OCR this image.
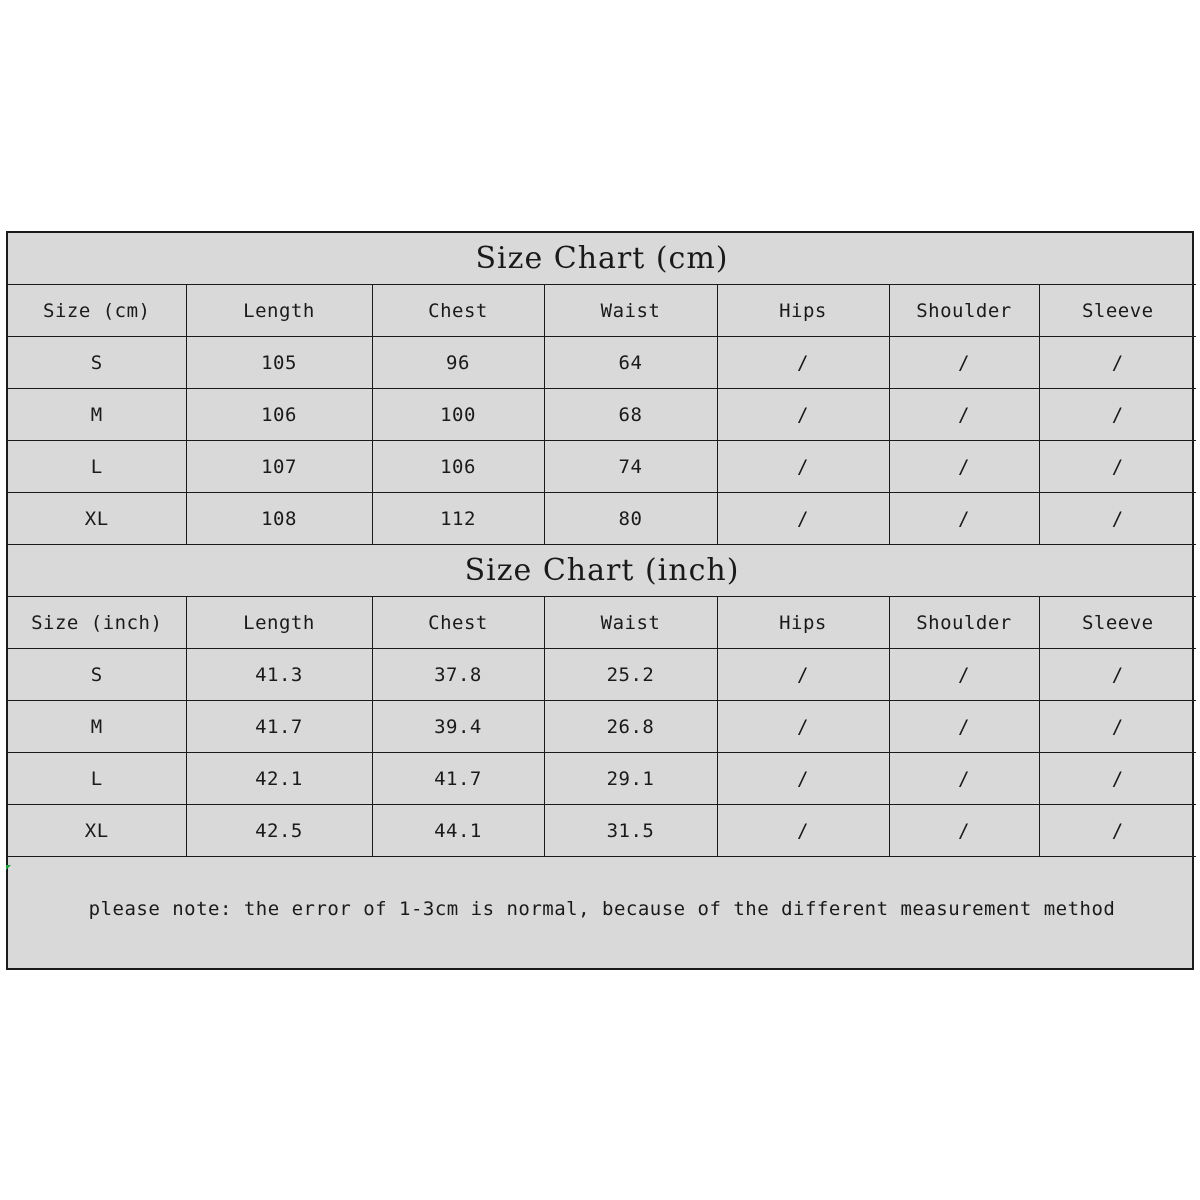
Size Chart (cm)						
Size (cm)	Length	Chest	Waist	Hips	Shoulder	Sleeve
S	105	96	64	/	/	/
M	106	100	68	/	/	/
L	107	106	74	/	/	/
XL	108	112	80	/	/	/
Size Chart (inch)						
Size (inch)	Length	Chest	Waist	Hips	Shoulder	Sleeve
S	41.3	37.8	25.2	/	/	/
M	41.7	39.4	26.8	/	/	/
L	42.1	41.7	29.1	/	/	/
XL	42.5	44.1	31.5	/	/	/
please note: the error of 1-3cm is normal, because of the different measurement method						
